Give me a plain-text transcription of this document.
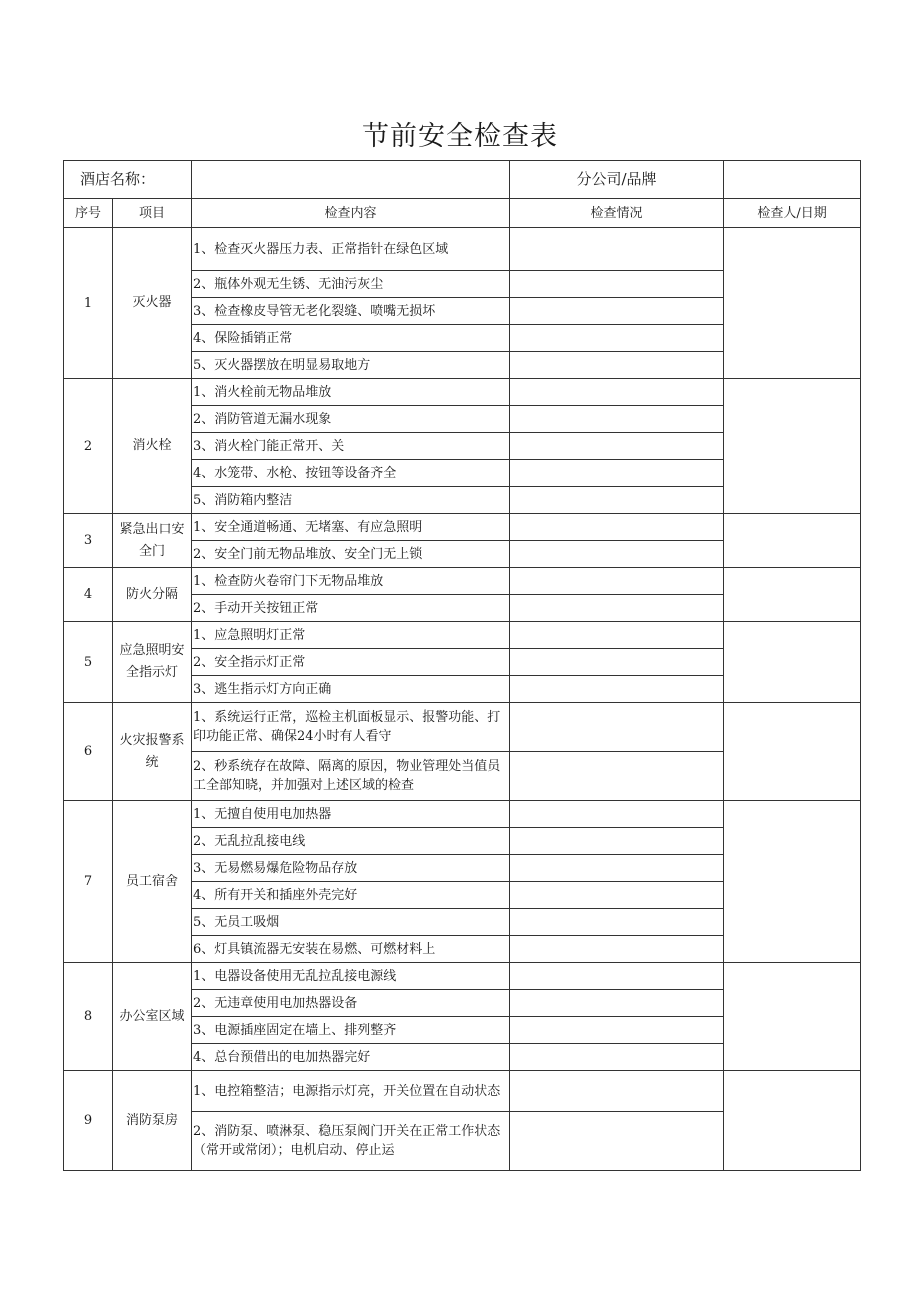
节前安全检查表
酒店名称：			分公司/品牌	
序号	项目	检查内容	检查情况	检查人/日期
1	灭火器	1、检查灭火器压力表、正常指针在绿色区域		
		2、瓶体外观无生锈、无油污灰尘		
		3、检查橡皮导管无老化裂缝、喷嘴无损坏		
		4、保险插销正常		
		5、灭火器摆放在明显易取地方		
2	消火栓	1、消火栓前无物品堆放		
		2、消防管道无漏水现象		
		3、消火栓门能正常开、关		
		4、水笼带、水枪、按钮等设备齐全		
		5、消防箱内整洁		
3	紧急出口安全门	1、安全通道畅通、无堵塞、有应急照明		
		2、安全门前无物品堆放、安全门无上锁		
4	防火分隔	1、检查防火卷帘门下无物品堆放		
		2、手动开关按钮正常		
5	应急照明安全指示灯	1、应急照明灯正常		
		2、安全指示灯正常		
		3、逃生指示灯方向正确		
6	火灾报警系统	1、系统运行正常，巡检主机面板显示、报警功能、打印功能正常、确保24小时有人看守		
		2、秒系统存在故障、隔离的原因，物业管理处当值员工全部知晓，并加强对上述区域的检查		
7	员工宿舍	1、无擅自使用电加热器		
		2、无乱拉乱接电线		
		3、无易燃易爆危险物品存放		
		4、所有开关和插座外壳完好		
		5、无员工吸烟		
		6、灯具镇流器无安装在易燃、可燃材料上		
8	办公室区域	1、电器设备使用无乱拉乱接电源线		
		2、无违章使用电加热器设备		
		3、电源插座固定在墙上、排列整齐		
		4、总台预借出的电加热器完好		
9	消防泵房	1、电控箱整洁；电源指示灯亮，开关位置在自动状态		
		2、消防泵、喷淋泵、稳压泵阀门开关在正常工作状态（常开或常闭）；电机启动、停止运		
